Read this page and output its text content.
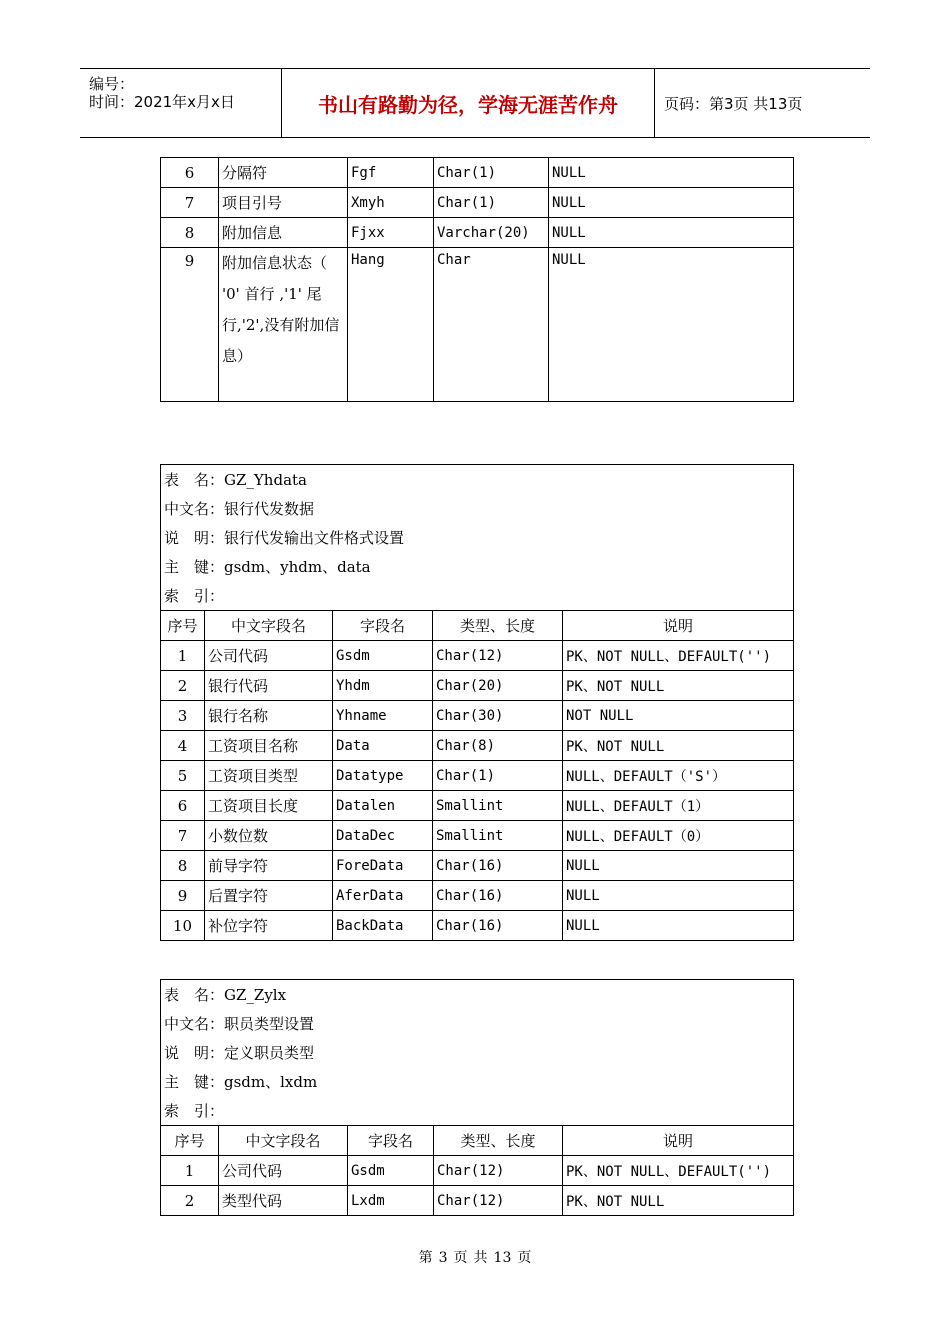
编号：
时间：2021年x月x日	书山有路勤为径，学海无涯苦作舟	页码：第3页 共13页
6	分隔符	Fgf	Char(1)	NULL
7	项目引号	Xmyh	Char(1)	NULL
8	附加信息	Fjxx	Varchar(20)	NULL
9	附加信息状态（ '0' 首行 ,'1' 尾行,'2',没有附加信息）	Hang	Char	NULL
表　名：GZ_Yhdata				
中文名：银行代发数据				
说　明：银行代发输出文件格式设置				
主　键：gsdm、yhdm、data				
索　引：				
序号	中文字段名	字段名	类型、长度	说明
1	公司代码	Gsdm	Char(12)	PK、NOT NULL、DEFAULT('')
2	银行代码	Yhdm	Char(20)	PK、NOT NULL
3	银行名称	Yhname	Char(30)	NOT NULL
4	工资项目名称	Data	Char(8)	PK、NOT NULL
5	工资项目类型	Datatype	Char(1)	NULL、DEFAULT（'S'）
6	工资项目长度	Datalen	Smallint	NULL、DEFAULT（1）
7	小数位数	DataDec	Smallint	NULL、DEFAULT（0）
8	前导字符	ForeData	Char(16)	NULL
9	后置字符	AferData	Char(16)	NULL
10	补位字符	BackData	Char(16)	NULL
表　名：GZ_Zylx				
中文名：职员类型设置				
说　明：定义职员类型				
主　键：gsdm、lxdm				
索　引：				
序号	中文字段名	字段名	类型、长度	说明
1	公司代码	Gsdm	Char(12)	PK、NOT NULL、DEFAULT('')
2	类型代码	Lxdm	Char(12)	PK、NOT NULL
第 3 页 共 13 页
